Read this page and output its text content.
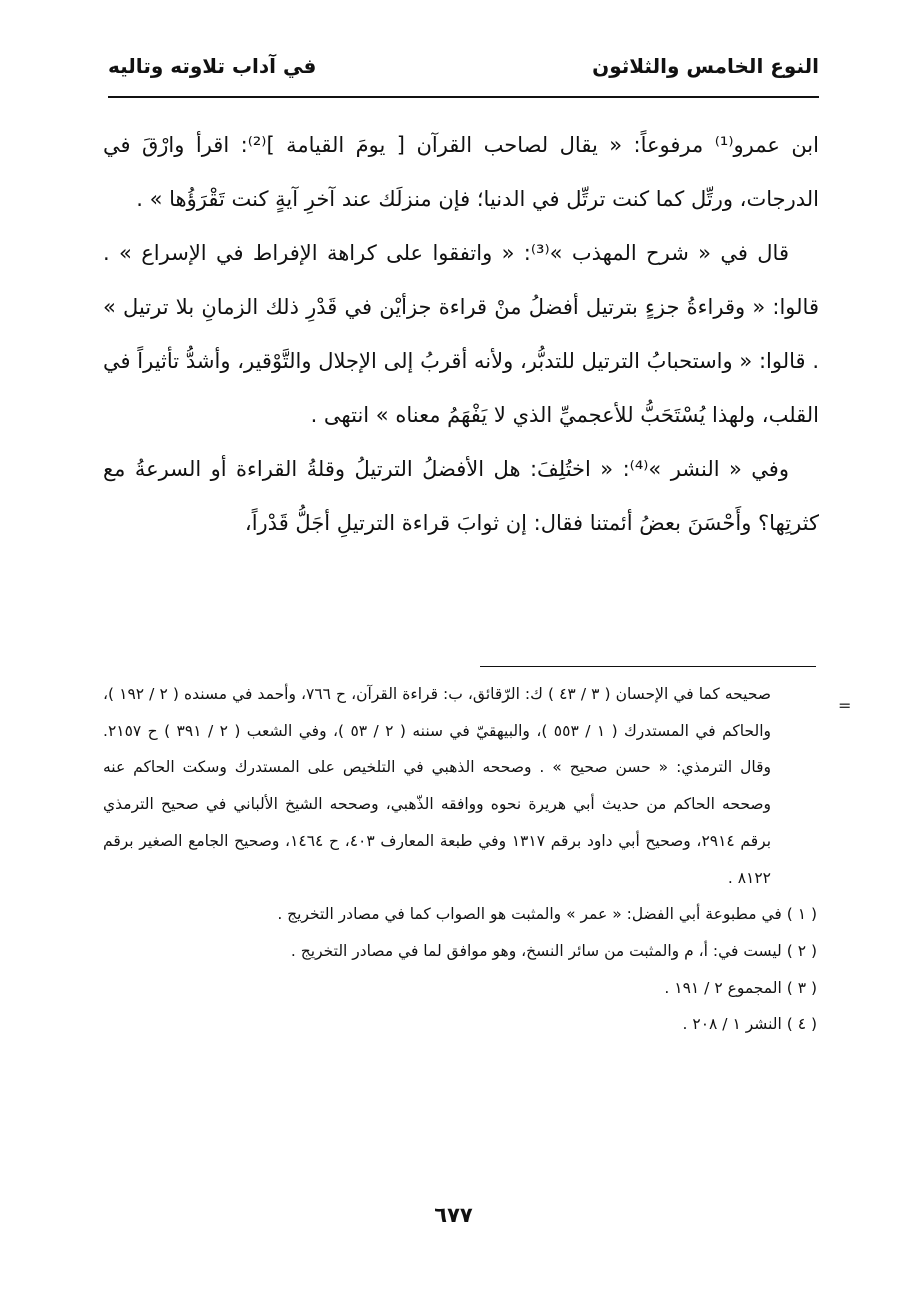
النوع الخامس والثلاثون
في آداب تلاوته وتاليه

ابن عمرو⁽¹⁾ مرفوعاً: « يقال لصاحب القرآن [ يومَ القيامة ]⁽²⁾: اقرأ وارْقَ في الدرجات، ورتِّل كما كنت ترتِّل في الدنيا؛ فإن منزلَك عند آخرِ آيةٍ كنت تَقْرَؤُها » .

قال في « شرح المهذب »⁽³⁾: « واتفقوا على كراهة الإفراط في الإسراع » . قالوا: « وقراءةُ جزءٍ بترتيل أفضلُ منْ قراءة جزأيْن في قَدْرِ ذلك الزمانِ بلا ترتيل » . قالوا: « واستحبابُ الترتيل للتدبُّر، ولأنه أقربُ إلى الإجلال والتَّوْقير، وأشدُّ تأثيراً في القلب، ولهذا يُسْتَحَبُّ للأعجميِّ الذي لا يَفْهَمُ معناه » انتهى .

وفي « النشر »⁽⁴⁾: « اختُلِفَ: هل الأفضلُ الترتيلُ وقلةُ القراءة أو السرعةُ مع كثرتِها؟ وأَحْسَنَ بعضُ أئمتنا فقال: إن ثوابَ قراءة الترتيلِ أجَلُّ قَدْراً،

=

صحيحه كما في الإحسان ( ٣ / ٤٣ ) ك: الرّقائق، ب: قراءة القرآن، ح ٧٦٦، وأحمد في مسنده ( ٢ / ١٩٢ )، والحاكم في المستدرك ( ١ / ٥٥٣ )، والبيهقيّ في سننه ( ٢ / ٥٣ )، وفي الشعب ( ٢ / ٣٩١ ) ح ٢١٥٧. وقال الترمذي: « حسن صحيح » . وصححه الذهبي في التلخيص على المستدرك وسكت الحاكم عنه وصححه الحاكم من حديث أبي هريرة نحوه ووافقه الذّهبي، وصححه الشيخ الألباني في صحيح الترمذي برقم ٢٩١٤، وصحيح أبي داود برقم ١٣١٧ وفي طبعة المعارف ٤٠٣، ح ١٤٦٤، وصحيح الجامع الصغير برقم ٨١٢٢ .

( ١ ) في مطبوعة أبي الفضل: « عمر » والمثبت هو الصواب كما في مصادر التخريج .

( ٢ ) ليست في: أ، م والمثبت من سائر النسخ، وهو موافق لما في مصادر التخريج .

( ٣ ) المجموع ٢ / ١٩١ .

( ٤ ) النشر ١ / ٢٠٨ .

٦٧٧
